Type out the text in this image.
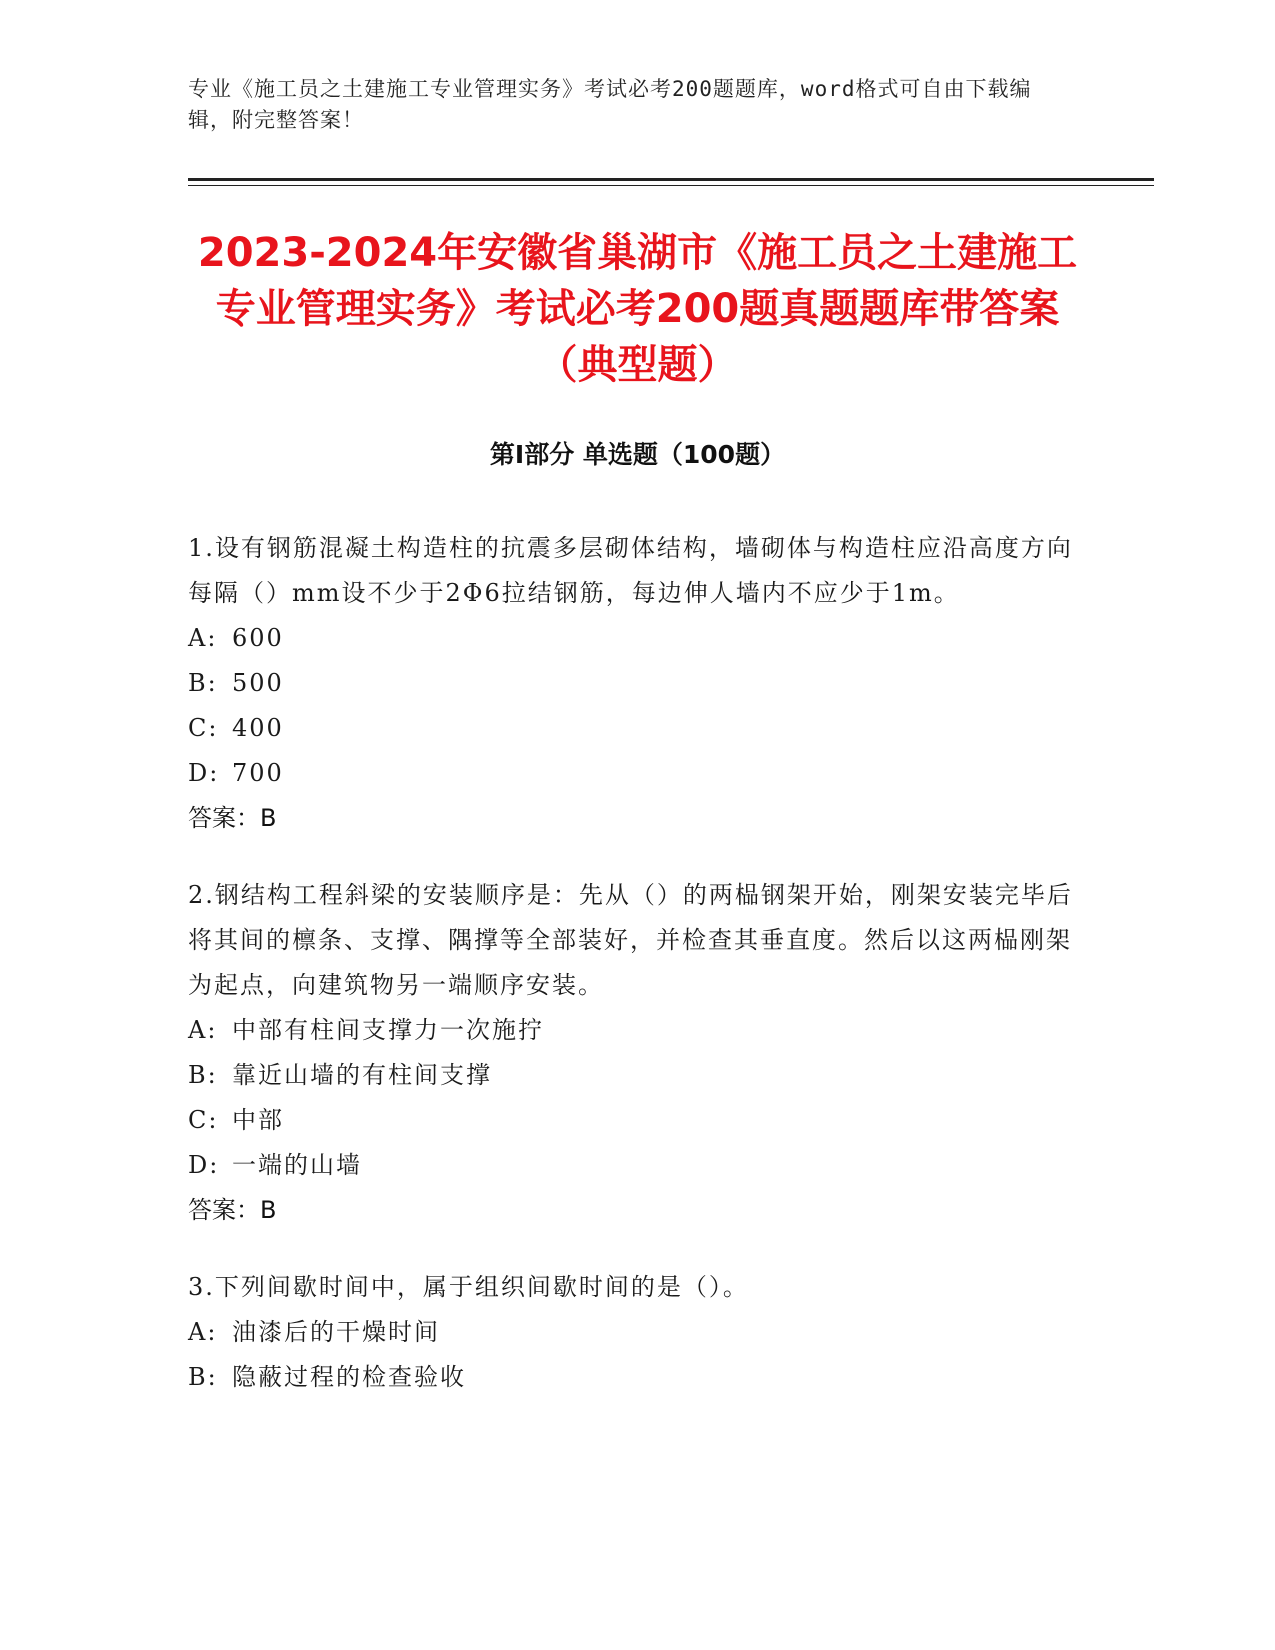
专业《施工员之土建施工专业管理实务》考试必考200题题库，word格式可自由下载编辑，附完整答案！
2023-2024年安徽省巢湖市《施工员之土建施工专业管理实务》考试必考200题真题题库带答案（典型题）
第Ⅰ部分 单选题（100题）

1.设有钢筋混凝土构造柱的抗震多层砌体结构，墙砌体与构造柱应沿高度方向每隔（）mm设不少于2Φ6拉结钢筋，每边伸人墙内不应少于1m。

A: 600

B: 500

C: 400

D: 700

答案：B

2.钢结构工程斜梁的安装顺序是：先从（）的两榀钢架开始，刚架安装完毕后将其间的檩条、支撑、隅撑等全部装好，并检查其垂直度。然后以这两榀刚架为起点，向建筑物另一端顺序安装。

A: 中部有柱间支撑力一次施拧

B: 靠近山墙的有柱间支撑

C: 中部

D: 一端的山墙

答案：B

3.下列间歇时间中，属于组织间歇时间的是（）。

A: 油漆后的干燥时间

B: 隐蔽过程的检查验收
